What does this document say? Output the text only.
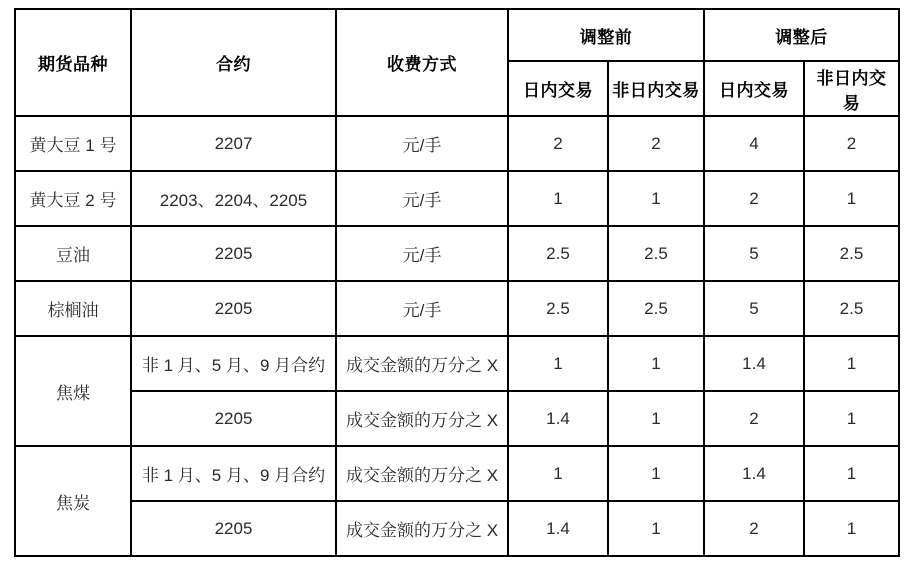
期货品种	合约	收费方式	调整前		调整后	
			日内交易	非日内交易	日内交易	非日内交易
黄大豆 1 号	2207	元/手	2	2	4	2
黄大豆 2 号	2203、2204、2205	元/手	1	1	2	1
豆油	2205	元/手	2.5	2.5	5	2.5
棕榈油	2205	元/手	2.5	2.5	5	2.5
焦煤	非 1 月、5 月、9 月合约	成交金额的万分之 X	1	1	1.4	1
	2205	成交金额的万分之 X	1.4	1	2	1
焦炭	非 1 月、5 月、9 月合约	成交金额的万分之 X	1	1	1.4	1
	2205	成交金额的万分之 X	1.4	1	2	1
